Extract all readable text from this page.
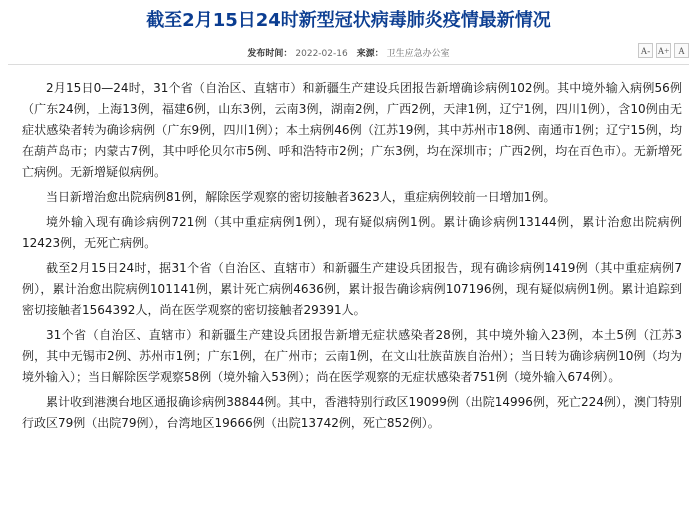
截至2月15日24时新型冠状病毒肺炎疫情最新情况
发布时间： 2022-02-16 来源： 卫生应急办公室	A- A+ A

2月15日0—24时，31个省（自治区、直辖市）和新疆生产建设兵团报告新增确诊病例102例。其中境外输入病例56例（广东24例，上海13例，福建6例，山东3例，云南3例，湖南2例，广西2例，天津1例，辽宁1例，四川1例），含10例由无症状感染者转为确诊病例（广东9例，四川1例）；本土病例46例（江苏19例，其中苏州市18例、南通市1例；辽宁15例，均在葫芦岛市；内蒙古7例，其中呼伦贝尔市5例、呼和浩特市2例；广东3例，均在深圳市；广西2例，均在百色市）。无新增死亡病例。无新增疑似病例。

当日新增治愈出院病例81例，解除医学观察的密切接触者3623人，重症病例较前一日增加1例。

境外输入现有确诊病例721例（其中重症病例1例），现有疑似病例1例。累计确诊病例13144例，累计治愈出院病例12423例，无死亡病例。

截至2月15日24时，据31个省（自治区、直辖市）和新疆生产建设兵团报告，现有确诊病例1419例（其中重症病例7例），累计治愈出院病例101141例，累计死亡病例4636例，累计报告确诊病例107196例，现有疑似病例1例。累计追踪到密切接触者1564392人，尚在医学观察的密切接触者29391人。

31个省（自治区、直辖市）和新疆生产建设兵团报告新增无症状感染者28例，其中境外输入23例，本土5例（江苏3例，其中无锡市2例、苏州市1例；广东1例，在广州市；云南1例，在文山壮族苗族自治州）；当日转为确诊病例10例（均为境外输入）；当日解除医学观察58例（境外输入53例）；尚在医学观察的无症状感染者751例（境外输入674例）。

累计收到港澳台地区通报确诊病例38844例。其中，香港特别行政区19099例（出院14996例，死亡224例），澳门特别行政区79例（出院79例），台湾地区19666例（出院13742例，死亡852例）。
